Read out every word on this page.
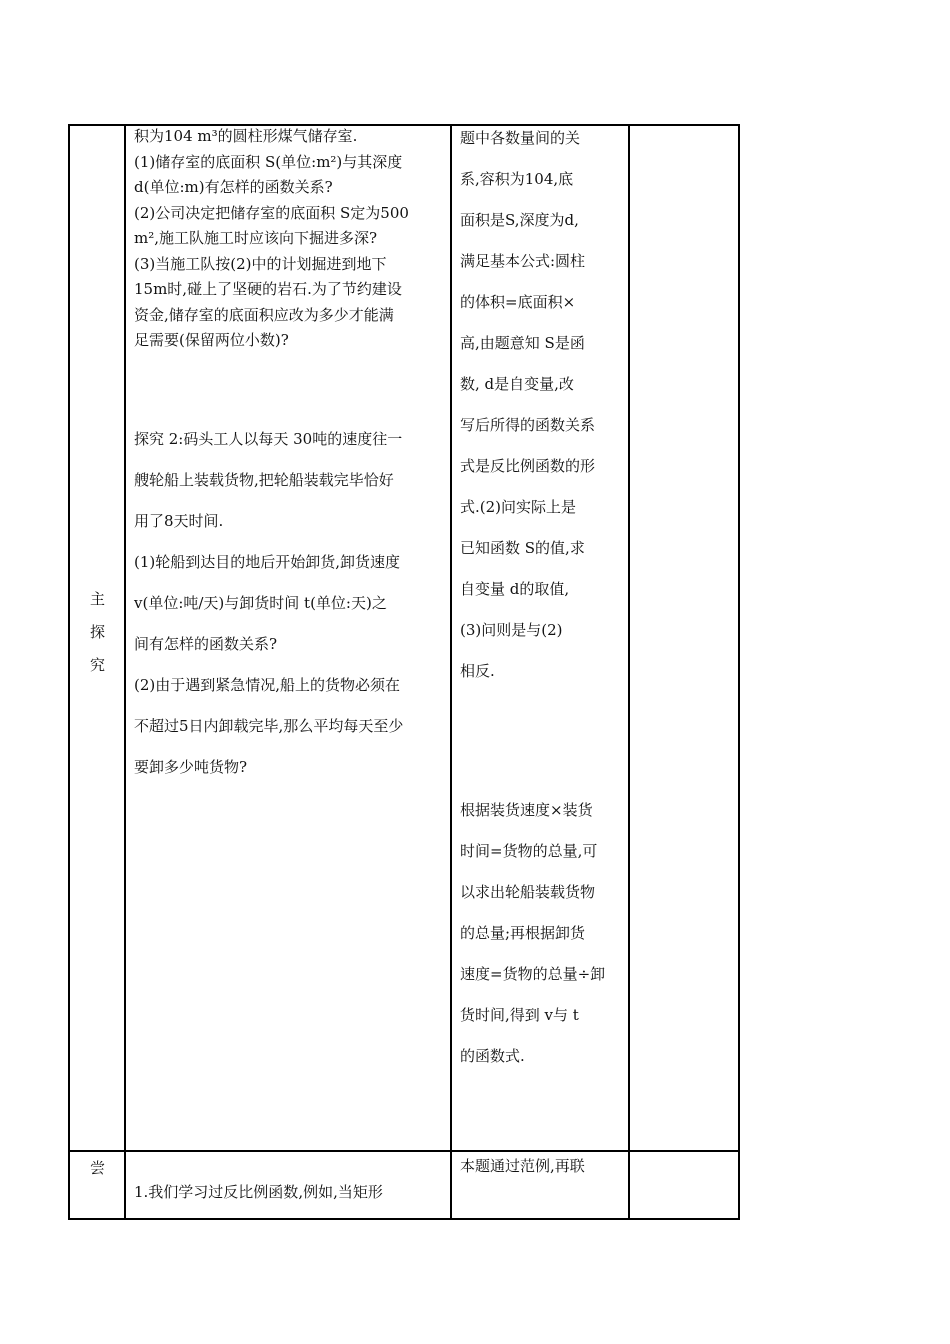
主
探
究

积为104 m³的圆柱形煤气储存室.

(1)储存室的底面积 S(单位:m²)与其深度

d(单位:m)有怎样的函数关系?

(2)公司决定把储存室的底面积 S定为500

m²,施工队施工时应该向下掘进多深?

(3)当施工队按(2)中的计划掘进到地下

15m时,碰上了坚硬的岩石.为了节约建设

资金,储存室的底面积应改为多少才能满

足需要(保留两位小数)?

探究 2:码头工人以每天 30吨的速度往一

艘轮船上装载货物,把轮船装载完毕恰好

用了8天时间.

(1)轮船到达目的地后开始卸货,卸货速度

v(单位:吨/天)与卸货时间 t(单位:天)之

间有怎样的函数关系?

(2)由于遇到紧急情况,船上的货物必须在

不超过5日内卸载完毕,那么平均每天至少

要卸多少吨货物?

题中各数量间的关

系,容积为104,底

面积是S,深度为d,

满足基本公式:圆柱

的体积=底面积×

高,由题意知 S是函

数, d是自变量,改

写后所得的函数关系

式是反比例函数的形

式.(2)问实际上是

已知函数 S的值,求

自变量 d的取值,

(3)问则是与(2)

相反.

根据装货速度×装货

时间=货物的总量,可

以求出轮船装载货物

的总量;再根据卸货

速度=货物的总量÷卸

货时间,得到 v与 t

的函数式.

尝
1.我们学习过反比例函数,例如,当矩形
本题通过范例,再联
